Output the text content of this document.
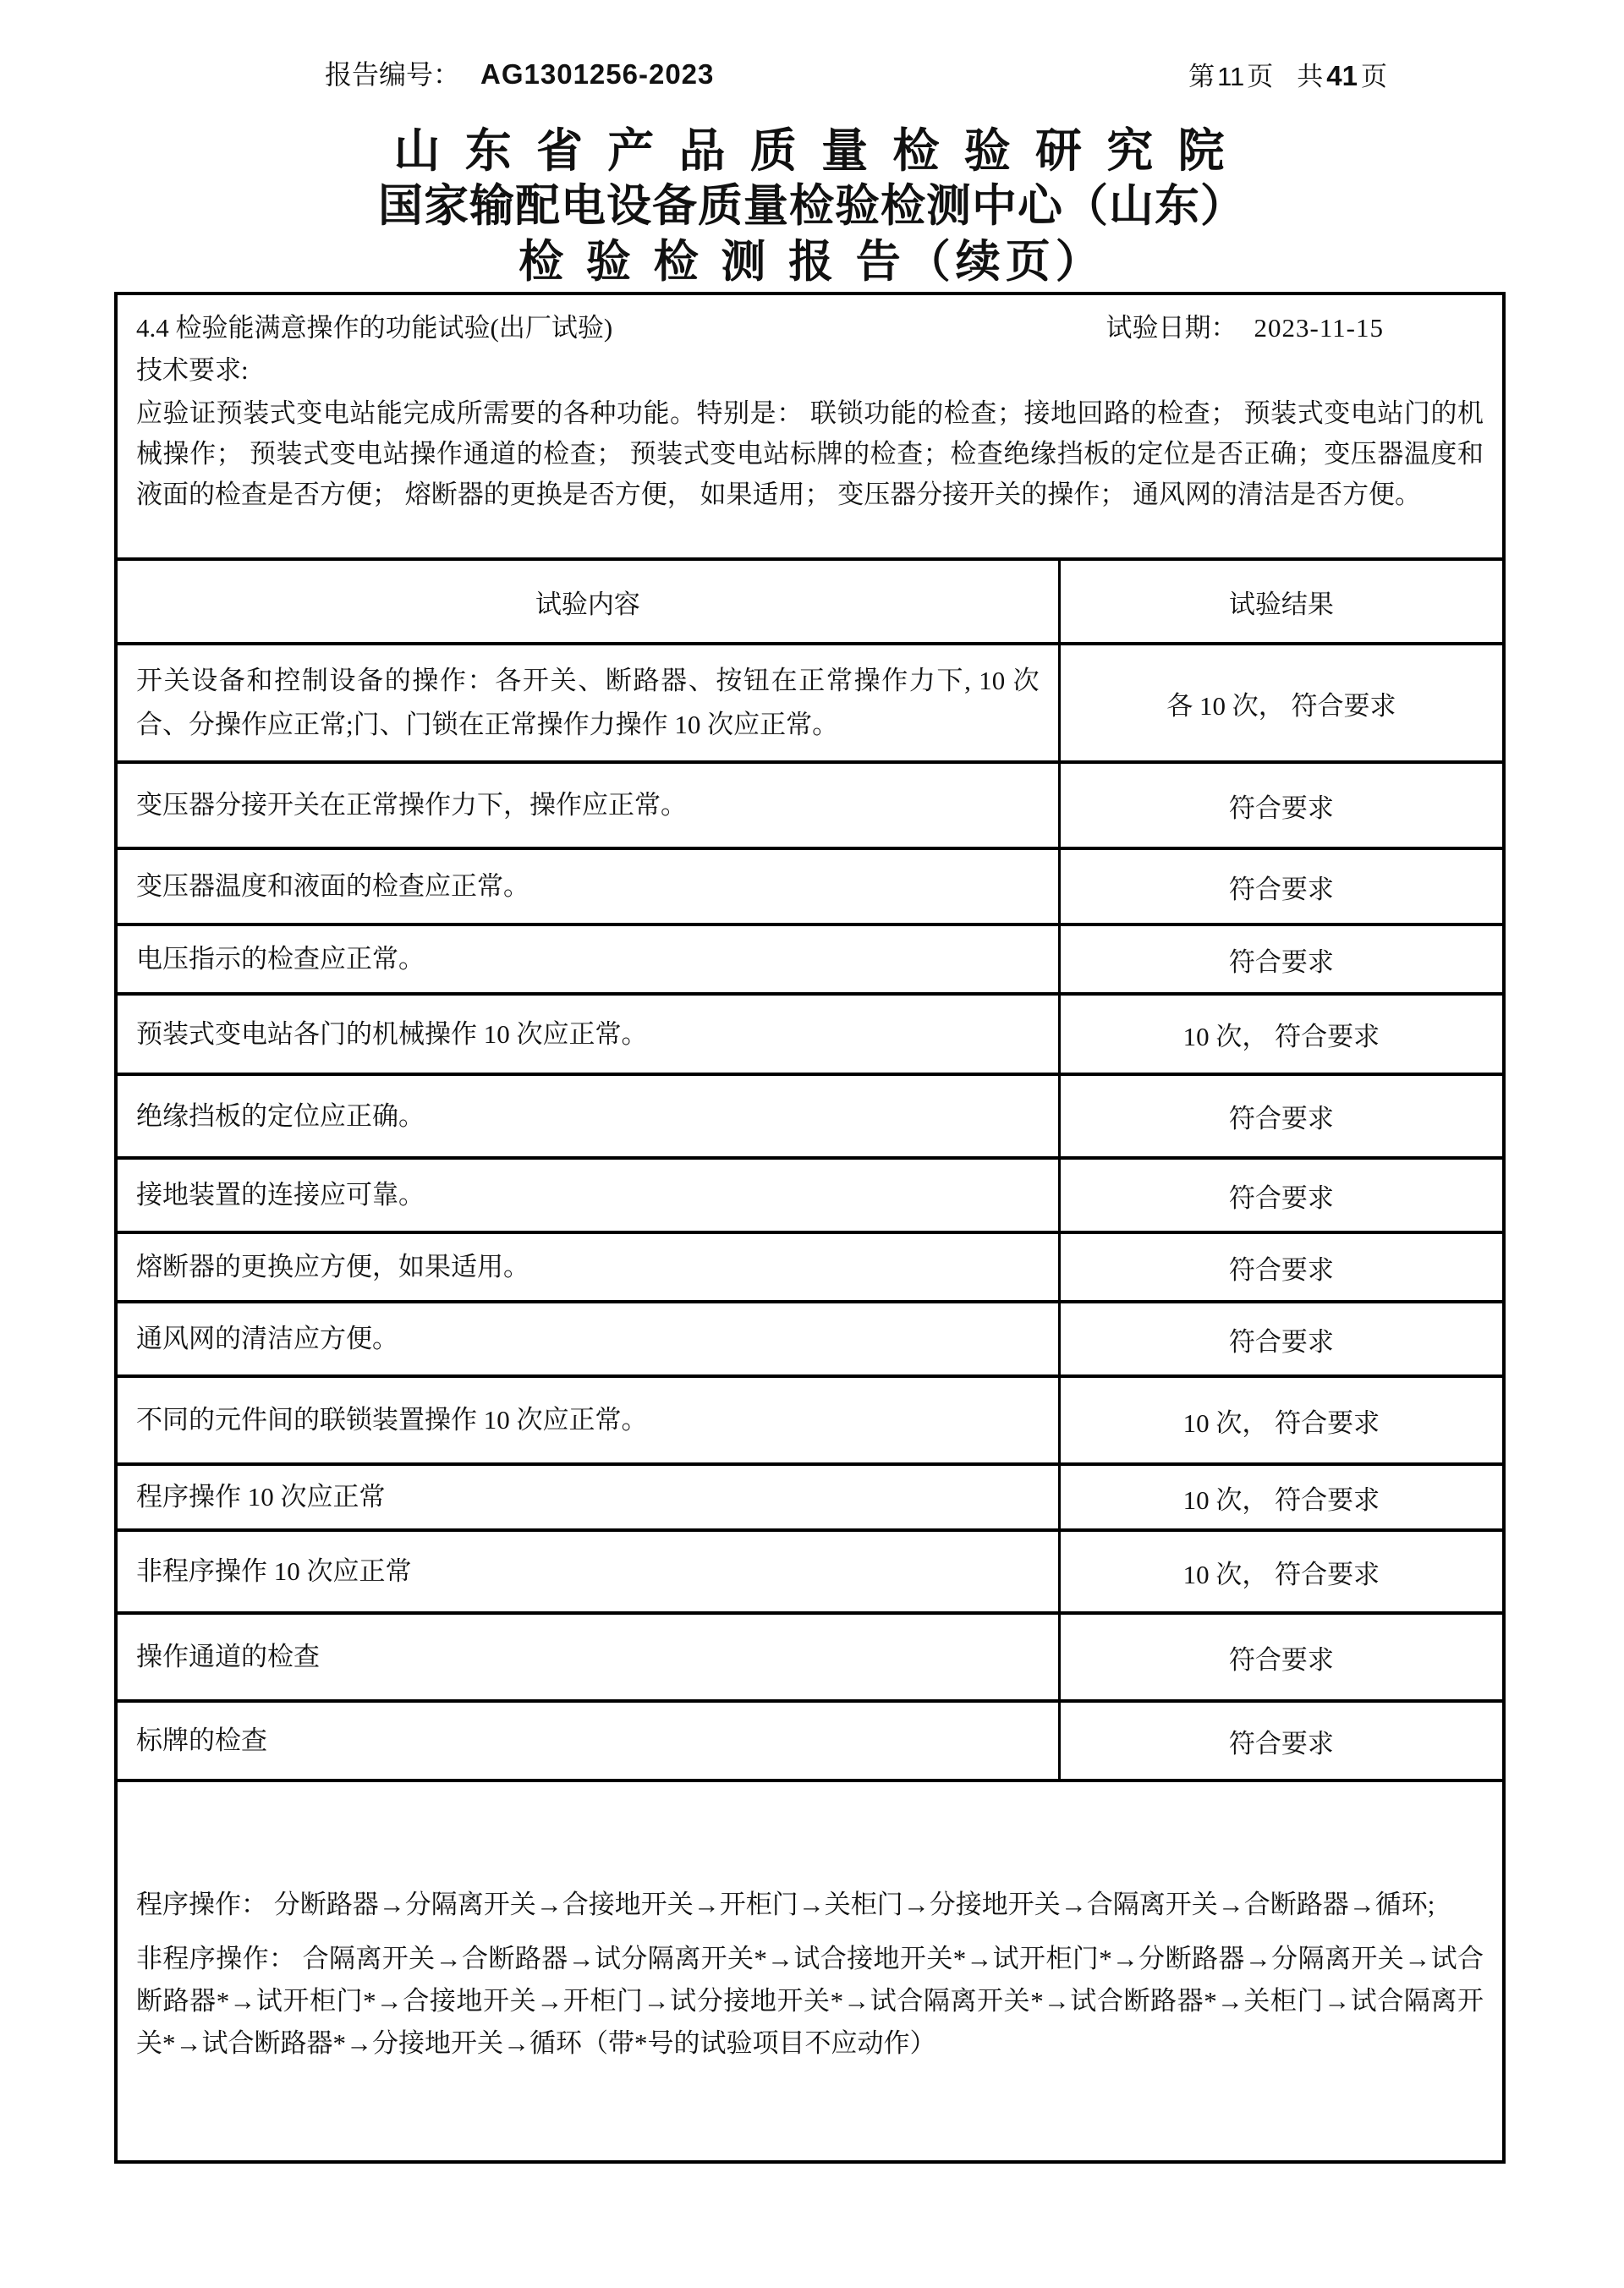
报告编号： AG1301256-2023	第11页 共 41 页
山 东 省 产 品 质 量 检 验 研 究 院
国家输配电设备质量检验检测中心（山东）
检 验 检 测 报 告（续页）
4.4 检验能满意操作的功能试验(出厂试验)	试验日期： 2023-11-15
技术要求:
应验证预装式变电站能完成所需要的各种功能。特别是： 联锁功能的检查；接地回路的检查； 预装式变电站门的机械操作； 预装式变电站操作通道的检查； 预装式变电站标牌的检查；检查绝缘挡板的定位是否正确；变压器温度和液面的检查是否方便； 熔断器的更换是否方便， 如果适用； 变压器分接开关的操作； 通风网的清洁是否方便。
试验内容	试验结果
开关设备和控制设备的操作：各开关、断路器、按钮在正常操作力下, 10 次合、分操作应正常;门、门锁在正常操作力操作 10 次应正常。	各 10 次， 符合要求
变压器分接开关在正常操作力下，操作应正常。	符合要求
变压器温度和液面的检查应正常。	符合要求
电压指示的检查应正常。	符合要求
预装式变电站各门的机械操作 10 次应正常。	10 次， 符合要求
绝缘挡板的定位应正确。	符合要求
接地装置的连接应可靠。	符合要求
熔断器的更换应方便，如果适用。	符合要求
通风网的清洁应方便。	符合要求
不同的元件间的联锁装置操作 10 次应正常。	10 次， 符合要求
程序操作 10 次应正常	10 次， 符合要求
非程序操作 10 次应正常	10 次， 符合要求
操作通道的检查	符合要求
标牌的检查	符合要求

程序操作： 分断路器→分隔离开关→合接地开关→开柜门→关柜门→分接地开关→合隔离开关→合断路器→循环;

非程序操作： 合隔离开关→合断路器→试分隔离开关*→试合接地开关*→试开柜门*→分断路器→分隔离开关→试合断路器*→试开柜门*→合接地开关→开柜门→试分接地开关*→试合隔离开关*→试合断路器*→关柜门→试合隔离开关*→试合断路器*→分接地开关→循环（带*号的试验项目不应动作）	
